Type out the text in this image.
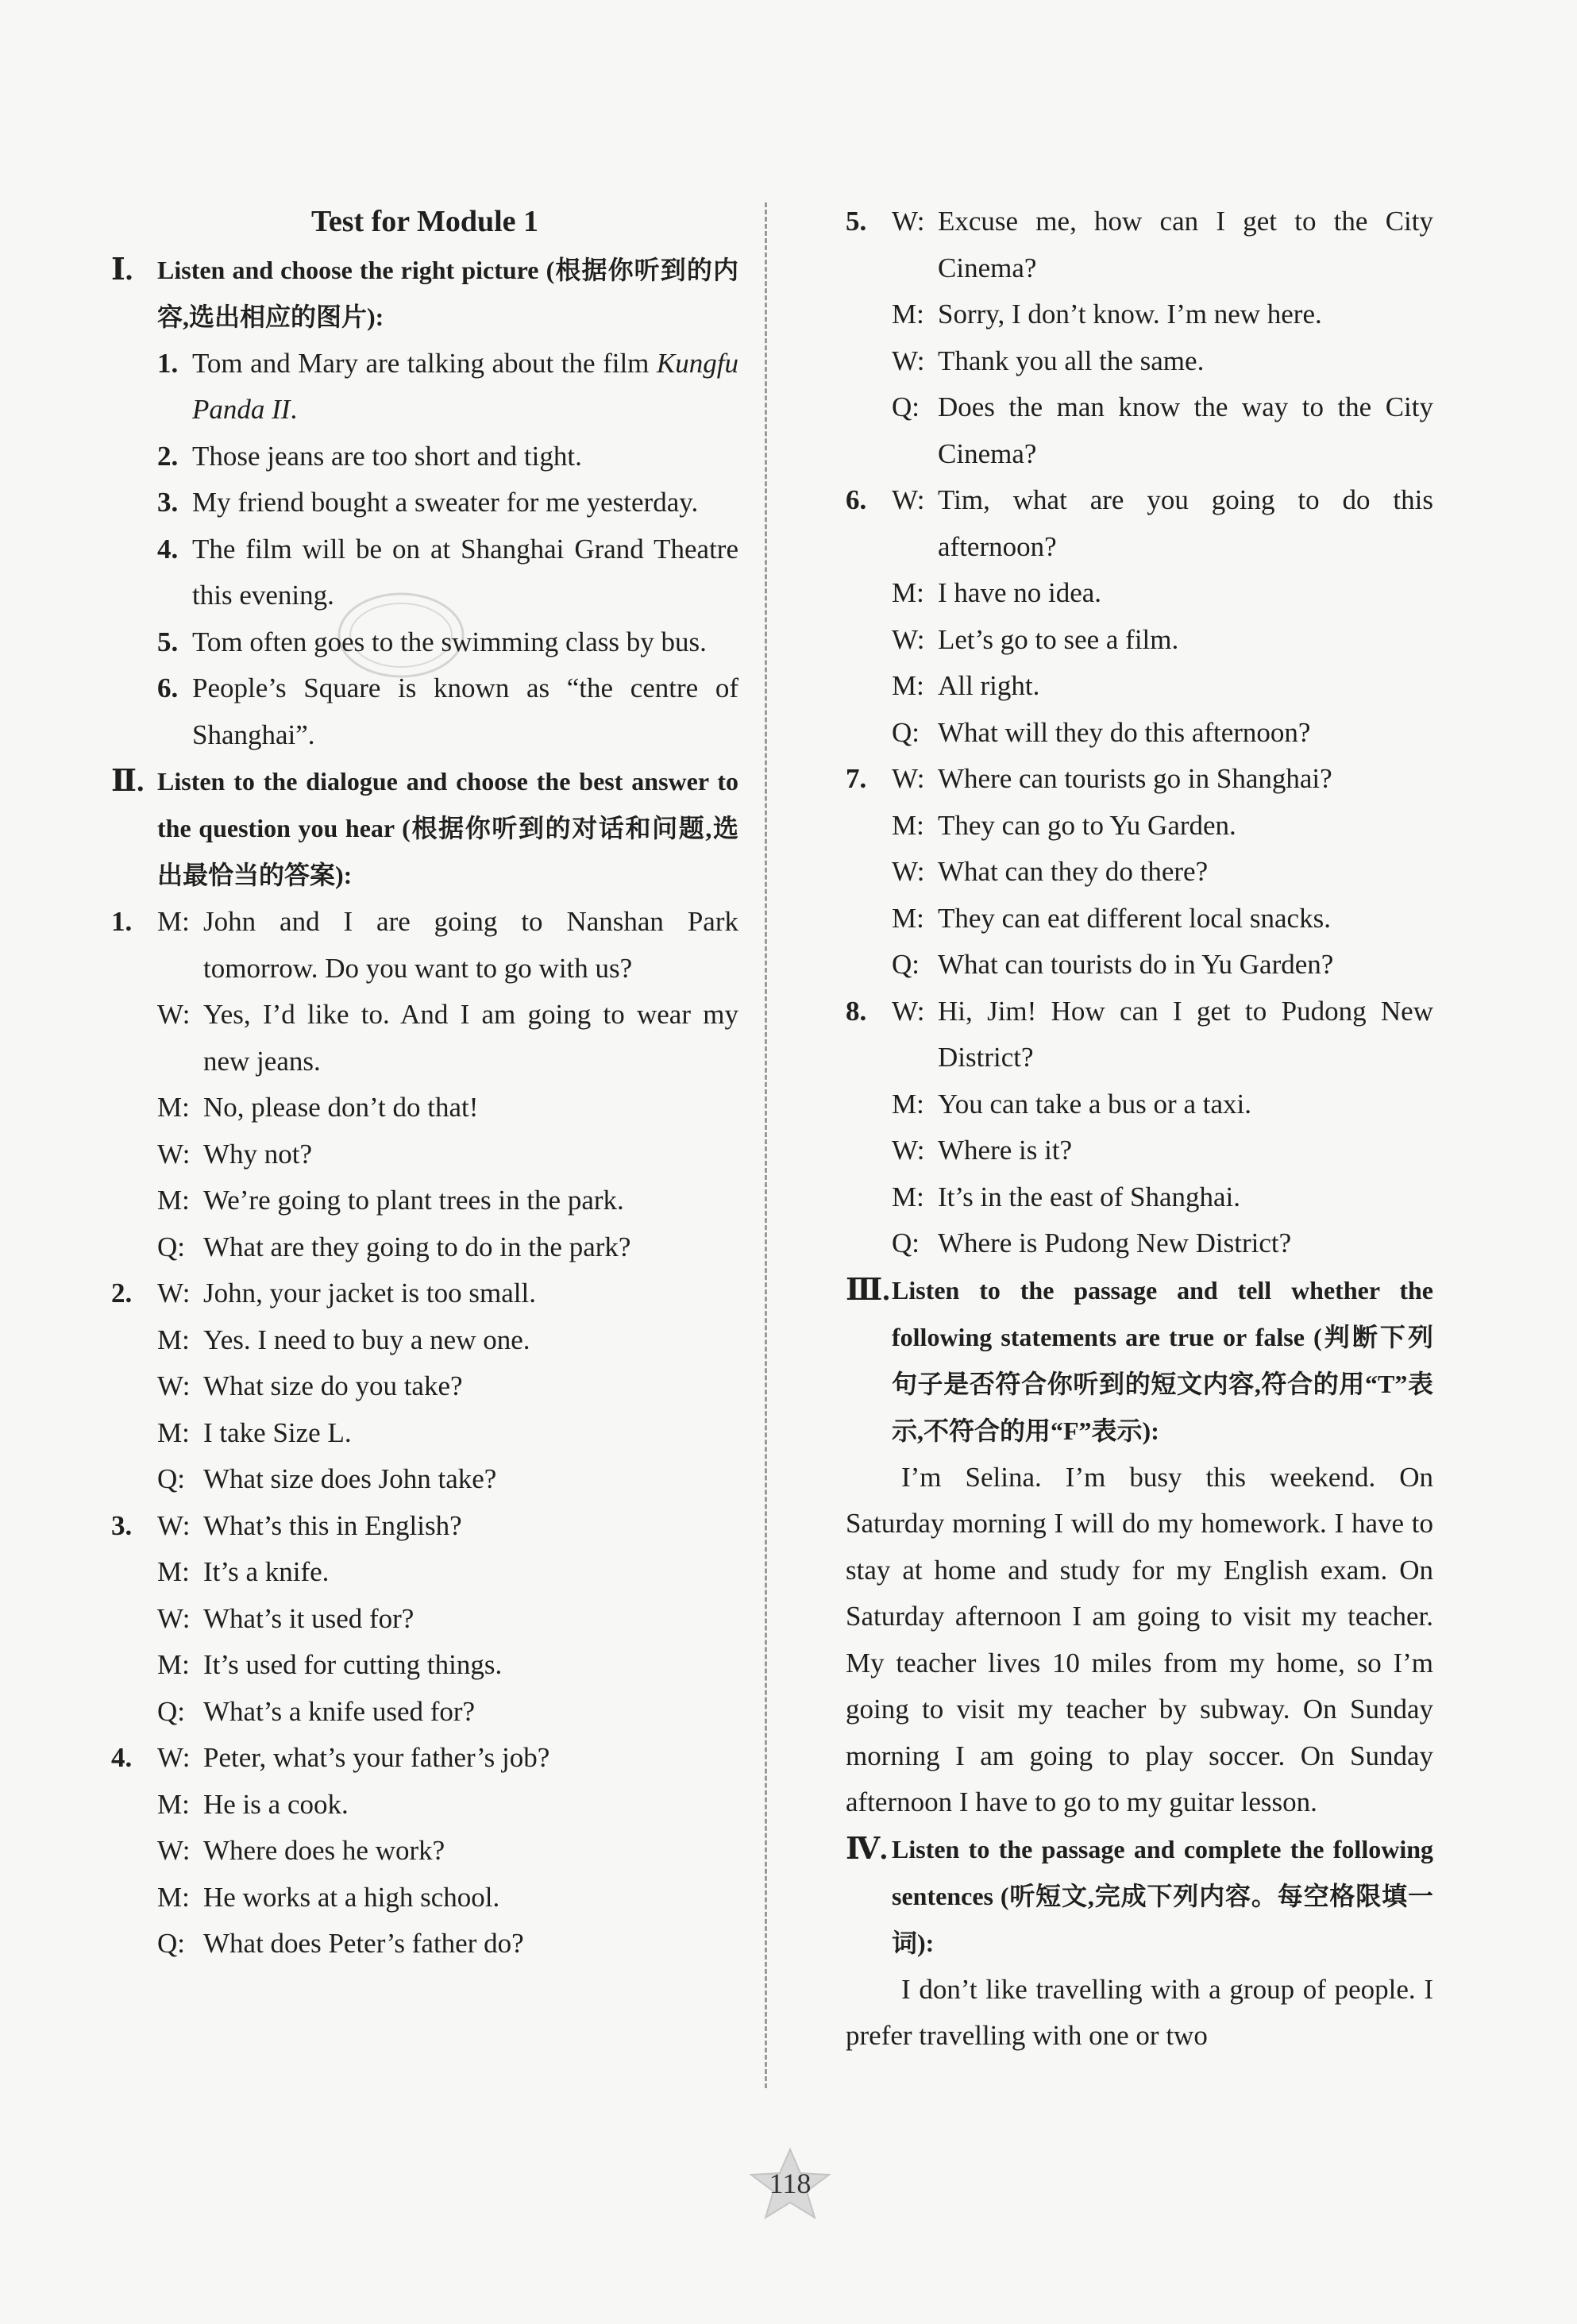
Test for Module 1
Ⅰ. Listen and choose the right picture (根据你听到的内容,选出相应的图片):
1. Tom and Mary are talking about the film Kungfu Panda II.
2. Those jeans are too short and tight.
3. My friend bought a sweater for me yesterday.
4. The film will be on at Shanghai Grand Theatre this evening.
5. Tom often goes to the swimming class by bus.
6. People’s Square is known as “the centre of Shanghai”.
Ⅱ. Listen to the dialogue and choose the best answer to the question you hear (根据你听到的对话和问题,选出最恰当的答案):
1. M: John and I are going to Nanshan Park tomorrow. Do you want to go with us?
W: Yes, I’d like to. And I am going to wear my new jeans.
M: No, please don’t do that!
W: Why not?
M: We’re going to plant trees in the park.
Q: What are they going to do in the park?
2. W: John, your jacket is too small.
M: Yes. I need to buy a new one.
W: What size do you take?
M: I take Size L.
Q: What size does John take?
3. W: What’s this in English?
M: It’s a knife.
W: What’s it used for?
M: It’s used for cutting things.
Q: What’s a knife used for?
4. W: Peter, what’s your father’s job?
M: He is a cook.
W: Where does he work?
M: He works at a high school.
Q: What does Peter’s father do?
5. W: Excuse me, how can I get to the City Cinema?
M: Sorry, I don’t know. I’m new here.
W: Thank you all the same.
Q: Does the man know the way to the City Cinema?
6. W: Tim, what are you going to do this afternoon?
M: I have no idea.
W: Let’s go to see a film.
M: All right.
Q: What will they do this afternoon?
7. W: Where can tourists go in Shanghai?
M: They can go to Yu Garden.
W: What can they do there?
M: They can eat different local snacks.
Q: What can tourists do in Yu Garden?
8. W: Hi, Jim! How can I get to Pudong New District?
M: You can take a bus or a taxi.
W: Where is it?
M: It’s in the east of Shanghai.
Q: Where is Pudong New District?
Ⅲ. Listen to the passage and tell whether the following statements are true or false (判断下列句子是否符合你听到的短文内容,符合的用“T”表示,不符合的用“F”表示):
I’m Selina. I’m busy this weekend. On Saturday morning I will do my homework. I have to stay at home and study for my English exam. On Saturday afternoon I am going to visit my teacher. My teacher lives 10 miles from my home, so I’m going to visit my teacher by subway. On Sunday morning I am going to play soccer. On Sunday afternoon I have to go to my guitar lesson.
Ⅳ. Listen to the passage and complete the following sentences (听短文,完成下列内容。每空格限填一词):
I don’t like travelling with a group of people. I prefer travelling with one or two
118
